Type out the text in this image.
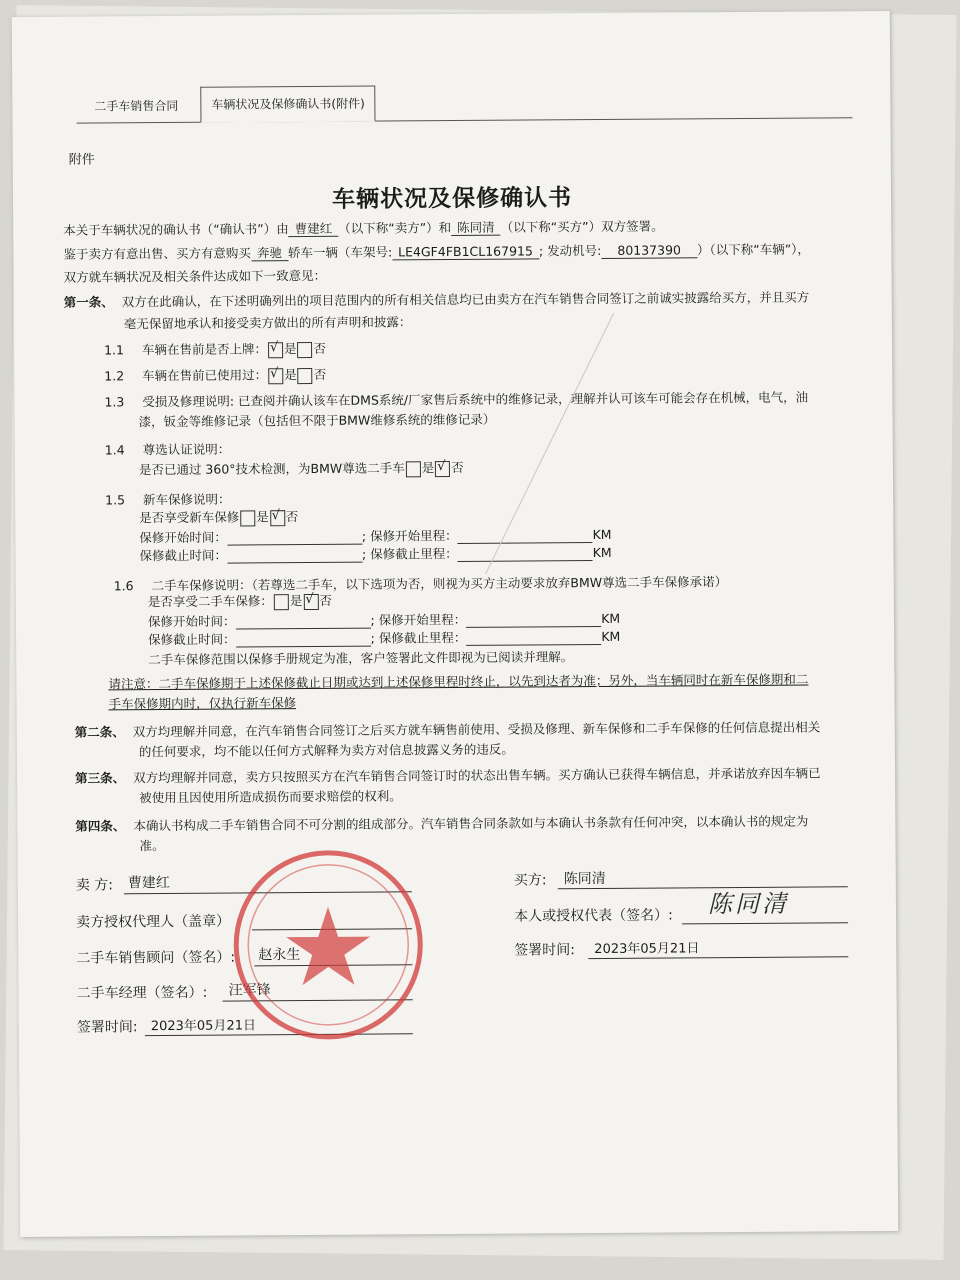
二手车销售合同	车辆状况及保修确认书(附件)
附件
车辆状况及保修确认书
本关于车辆状况的确认书（“确认书”）由 曹建红 （以下称“卖方”）和 陈同清 （以下称“买方”）双方签署。
鉴于卖方有意出售、买方有意购买 奔驰 轿车一辆（车架号: LE4GF4FB1CL167915 ; 发动机号: 80137390 ）（以下称“车辆”），
双方就车辆状况及相关条件达成如下一致意见：
第一条、 双方在此确认，在下述明确列出的项目范围内的所有相关信息均已由卖方在汽车销售合同签订之前诚实披露给买方，并且买方
毫无保留地承认和接受卖方做出的所有声明和披露：
1.1 车辆在售前是否上牌： √ 是 否
1.2 车辆在售前已使用过： √ 是 否
1.3 受损及修理说明: 已查阅并确认该车在DMS系统/厂家售后系统中的维修记录，理解并认可该车可能会存在机械，电气，油
漆，钣金等维修记录（包括但不限于BMW维修系统的维修记录）
1.4 尊选认证说明：
是否已通过 360°技术检测，为BMW尊选二手车 是 √ 否
1.5 新车保修说明：
是否享受新车保修 是 √ 否
保修开始时间：	; 保修开始里程：	KM
保修截止时间：	; 保修截止里程：	KM
1.6 二手车保修说明：（若尊选二手车，以下选项为否，则视为买方主动要求放弃BMW尊选二手车保修承诺）
是否享受二手车保修： 是 √ 否
保修开始时间：	; 保修开始里程：	KM
保修截止时间：	; 保修截止里程：	KM
二手车保修范围以保修手册规定为准，客户签署此文件即视为已阅读并理解。
请注意：二手车保修期于上述保修截止日期或达到上述保修里程时终止，以先到达者为准；另外，当车辆同时在新车保修期和二
手车保修期内时，仅执行新车保修
第二条、 双方均理解并同意，在汽车销售合同签订之后买方就车辆售前使用、受损及修理、新车保修和二手车保修的任何信息提出相关
的任何要求，均不能以任何方式解释为卖方对信息披露义务的违反。
第三条、 双方均理解并同意，卖方只按照买方在汽车销售合同签订时的状态出售车辆。买方确认已获得车辆信息，并承诺放弃因车辆已
被使用且因使用所造成损伤而要求赔偿的权利。
第四条、 本确认书构成二手车销售合同不可分割的组成部分。汽车销售合同条款如与本确认书条款有任何冲突，以本确认书的规定为
准。
卖 方: 曹建红
卖方授权代理人（盖章）
二手车销售顾问（签名）: 赵永生
二手车经理（签名）: 汪军锋
签署时间: 2023年05月21日
买方: 陈同清
本人或授权代表（签名）: 陈同清
签署时间: 2023年05月21日
